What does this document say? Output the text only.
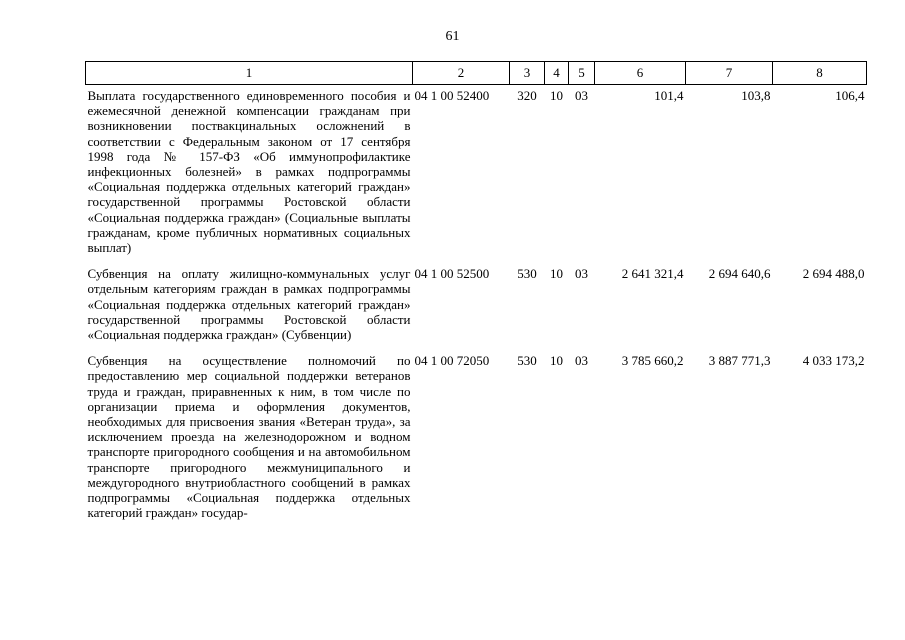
61
1	2	3	4	5	6	7	8
Выплата государственного единовременного пособия и ежемесячной денежной компенсации гражданам при возникновении поствакцинальных осложнений в соответствии с Федеральным законом от 17 сентября 1998 года № 157-ФЗ «Об иммунопрофилактике инфекционных болезней» в рамках подпрограммы «Социальная поддержка отдельных категорий граждан» государственной программы Ростовской области «Социальная поддержка граждан» (Социальные выплаты гражданам, кроме публичных нормативных социальных выплат)	04 1 00 52400	320	10	03	101,4	103,8	106,4
Субвенция на оплату жилищно-коммунальных услуг отдельным категориям граждан в рамках подпрограммы «Социальная поддержка отдельных категорий граждан» государственной программы Ростовской области «Социальная поддержка граждан» (Субвенции)	04 1 00 52500	530	10	03	2 641 321,4	2 694 640,6	2 694 488,0
Субвенция на осуществление полномочий по предоставлению мер социальной поддержки ветеранов труда и граждан, приравненных к ним, в том числе по организации приема и оформления документов, необходимых для присвоения звания «Ветеран труда», за исключением проезда на железнодорожном и водном транспорте пригородного сообщения и на автомобильном транспорте пригородного межмуниципального и междугородного внутриобластного сообщений в рамках подпрограммы «Социальная поддержка отдельных категорий граждан» государ-	04 1 00 72050	530	10	03	3 785 660,2	3 887 771,3	4 033 173,2
